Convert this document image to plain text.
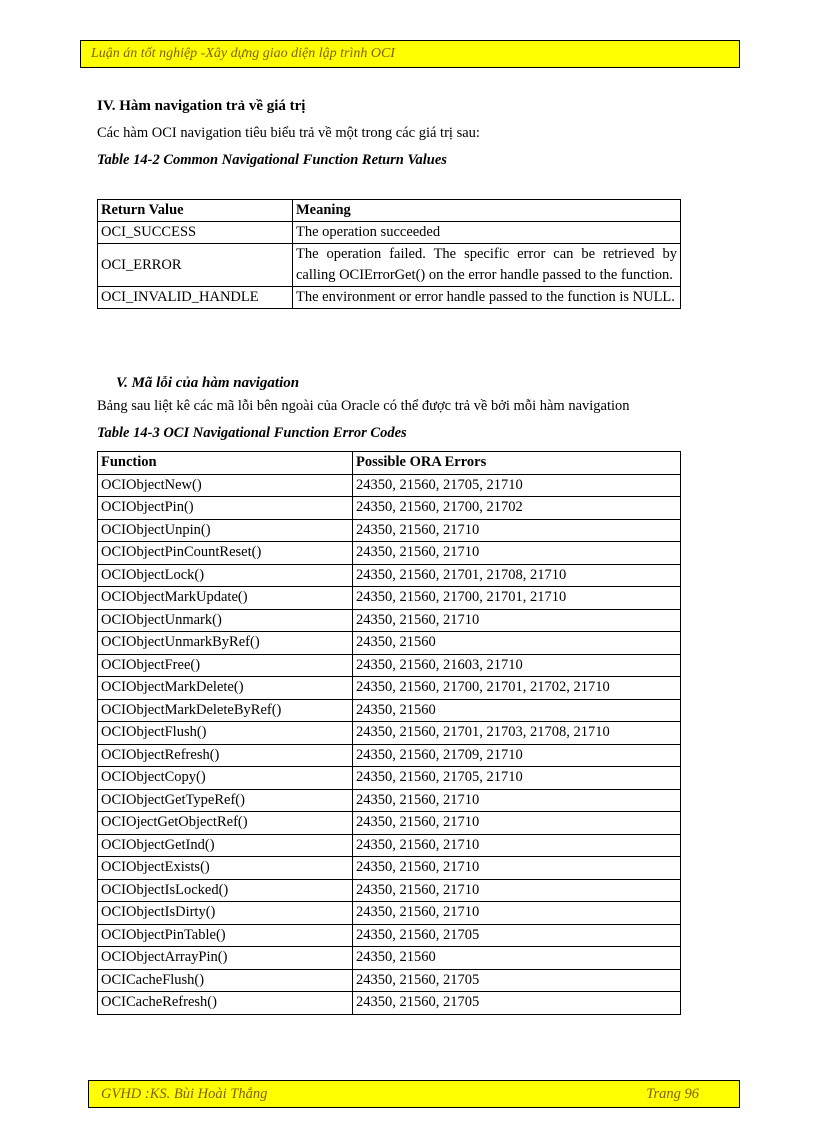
Luận án tốt nghiệp -Xây dựng giao diện lập trình OCI
IV. Hàm navigation trả về giá trị
Các hàm OCI navigation tiêu biểu trả về một trong các giá trị sau:
Table 14-2 Common Navigational Function Return Values
Return Value	Meaning
OCI_SUCCESS	The operation succeeded
OCI_ERROR	The operation failed. The specific error can be retrieved by calling OCIErrorGet() on the error handle passed to the function.
OCI_INVALID_HANDLE	The environment or error handle passed to the function is NULL.
V. Mã lỗi của hàm navigation
Bảng sau liệt kê các mã lỗi bên ngoài của Oracle có thể được trả về bởi mỗi hàm navigation
Table 14-3 OCI Navigational Function Error Codes
Function	Possible ORA Errors
OCIObjectNew()	24350, 21560, 21705, 21710
OCIObjectPin()	24350, 21560, 21700, 21702
OCIObjectUnpin()	24350, 21560, 21710
OCIObjectPinCountReset()	24350, 21560, 21710
OCIObjectLock()	24350, 21560, 21701, 21708, 21710
OCIObjectMarkUpdate()	24350, 21560, 21700, 21701, 21710
OCIObjectUnmark()	24350, 21560, 21710
OCIObjectUnmarkByRef()	24350, 21560
OCIObjectFree()	24350, 21560, 21603, 21710
OCIObjectMarkDelete()	24350, 21560, 21700, 21701, 21702, 21710
OCIObjectMarkDeleteByRef()	24350, 21560
OCIObjectFlush()	24350, 21560, 21701, 21703, 21708, 21710
OCIObjectRefresh()	24350, 21560, 21709, 21710
OCIObjectCopy()	24350, 21560, 21705, 21710
OCIObjectGetTypeRef()	24350, 21560, 21710
OCIOjectGetObjectRef()	24350, 21560, 21710
OCIObjectGetInd()	24350, 21560, 21710
OCIObjectExists()	24350, 21560, 21710
OCIObjectIsLocked()	24350, 21560, 21710
OCIObjectIsDirty()	24350, 21560, 21710
OCIObjectPinTable()	24350, 21560, 21705
OCIObjectArrayPin()	24350, 21560
OCICacheFlush()	24350, 21560, 21705
OCICacheRefresh()	24350, 21560, 21705
GVHD :KS. Bùi Hoài Thắng	Trang 96
